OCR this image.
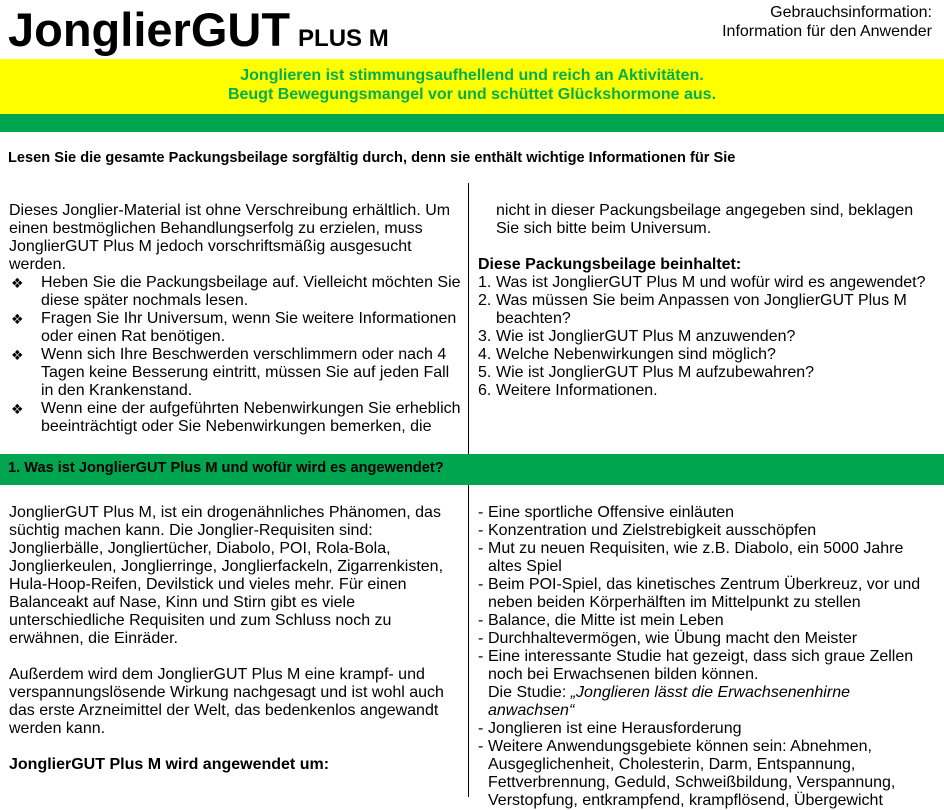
JonglierGUT PLUS M
Gebrauchsinformation:
Information für den Anwender
Jonglieren ist stimmungsaufhellend und reich an Aktivitäten.
Beugt Bewegungsmangel vor und schüttet Glückshormone aus.
Lesen Sie die gesamte Packungsbeilage sorgfältig durch, denn sie enthält wichtige Informationen für Sie

Dieses Jonglier-Material ist ohne Verschreibung erhältlich. Um einen bestmöglichen Behandlungserfolg zu erzielen, muss JonglierGUT Plus M jedoch vorschriftsmäßig ausgesucht werden.

❖ Heben Sie die Packungsbeilage auf. Vielleicht möchten Sie diese später nochmals lesen.
❖ Fragen Sie Ihr Universum, wenn Sie weitere Informationen oder einen Rat benötigen.
❖ Wenn sich Ihre Beschwerden verschlimmern oder nach 4 Tagen keine Besserung eintritt, müssen Sie auf jeden Fall in den Krankenstand.
❖ Wenn eine der aufgeführten Nebenwirkungen Sie erheblich beeinträchtigt oder Sie Nebenwirkungen bemerken, die

nicht in dieser Packungsbeilage angegeben sind, beklagen Sie sich bitte beim Universum.

Diese Packungsbeilage beinhaltet:

1. Was ist JonglierGUT Plus M und wofür wird es angewendet?
2. Was müssen Sie beim Anpassen von JonglierGUT Plus M beachten?
3. Wie ist JonglierGUT Plus M anzuwenden?
4. Welche Nebenwirkungen sind möglich?
5. Wie ist JonglierGUT Plus M aufzubewahren?
6. Weitere Informationen.
1. Was ist JonglierGUT Plus M und wofür wird es angewendet?

JonglierGUT Plus M, ist ein drogenähnliches Phänomen, das süchtig machen kann. Die Jonglier-Requisiten sind: Jonglierbälle, Jongliertücher, Diabolo, POI, Rola-Bola, Jonglierkeulen, Jonglierringe, Jonglierfackeln, Zigarrenkisten, Hula-Hoop-Reifen, Devilstick und vieles mehr. Für einen Balanceakt auf Nase, Kinn und Stirn gibt es viele unterschiedliche Requisiten und zum Schluss noch zu erwähnen, die Einräder.

Außerdem wird dem JonglierGUT Plus M eine krampf- und verspannungslösende Wirkung nachgesagt und ist wohl auch das erste Arzneimittel der Welt, das bedenkenlos angewandt werden kann.

JonglierGUT Plus M wird angewendet um:

- Eine sportliche Offensive einläuten
- Konzentration und Zielstrebigkeit ausschöpfen
- Mut zu neuen Requisiten, wie z.B. Diabolo, ein 5000 Jahre altes Spiel
- Beim POI-Spiel, das kinetisches Zentrum Überkreuz, vor und neben beiden Körperhälften im Mittelpunkt zu stellen
- Balance, die Mitte ist mein Leben
- Durchhaltevermögen, wie Übung macht den Meister
- Eine interessante Studie hat gezeigt, dass sich graue Zellen noch bei Erwachsenen bilden können.
Die Studie: „Jonglieren lässt die Erwachsenenhirne anwachsen“
- Jonglieren ist eine Herausforderung
- Weitere Anwendungsgebiete können sein: Abnehmen, Ausgeglichenheit, Cholesterin, Darm, Entspannung, Fettverbrennung, Geduld, Schweißbildung, Verspannung, Verstopfung, entkrampfend, krampflösend, Übergewicht
